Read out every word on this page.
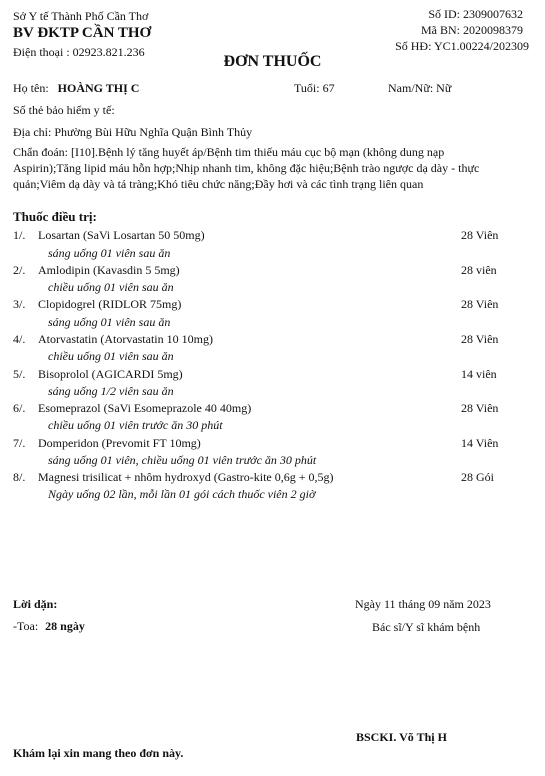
Sở Y tế Thành Phố Cần Thơ
BV ĐKTP CẦN THƠ
Điện thoại : 02923.821.236
Số ID: 2309007632
Mã BN: 2020098379
Số HĐ: YC1.00224/202309
ĐƠN THUỐC
Họ tên: HOÀNG THỊ C	Tuổi: 67	Nam/Nữ: Nữ
Số thẻ bảo hiểm y tế:
Địa chỉ: Phường Bùi Hữu Nghĩa Quận Bình Thủy
Chẩn đoán: [I10].Bệnh lý tăng huyết áp/Bệnh tim thiếu máu cục bộ mạn (không dung nạp
Aspirin);Tăng lipid máu hỗn hợp;Nhịp nhanh tim, không đặc hiệu;Bệnh trào ngược dạ dày - thực
quản;Viêm dạ dày và tá tràng;Khó tiêu chức năng;Đầy hơi và các tình trạng liên quan
Thuốc điều trị:
1/. Losartan (SaVi Losartan 50 50mg)	28 Viên
sáng uống 01 viên sau ăn
2/. Amlodipin (Kavasdin 5 5mg)	28 viên
chiều uống 01 viên sau ăn
3/. Clopidogrel (RIDLOR 75mg)	28 Viên
sáng uống 01 viên sau ăn
4/. Atorvastatin (Atorvastatin 10 10mg)	28 Viên
chiều uống 01 viên sau ăn
5/. Bisoprolol (AGICARDI 5mg)	14 viên
sáng uống 1/2 viên sau ăn
6/. Esomeprazol (SaVi Esomeprazole 40 40mg)	28 Viên
chiều uống 01 viên trước ăn 30 phút
7/. Domperidon (Prevomit FT 10mg)	14 Viên
sáng uống 01 viên, chiều uống 01 viên trước ăn 30 phút
8/. Magnesi trisilicat + nhôm hydroxyd (Gastro-kite 0,6g + 0,5g)	28 Gói
Ngày uống 02 lần, mỗi lần 01 gói cách thuốc viên 2 giờ
Lời dặn:
-Toa: 28 ngày
Ngày 11 tháng 09 năm 2023
Bác sĩ/Y sĩ khám bệnh
BSCKI. Võ Thị H
Khám lại xin mang theo đơn này.
